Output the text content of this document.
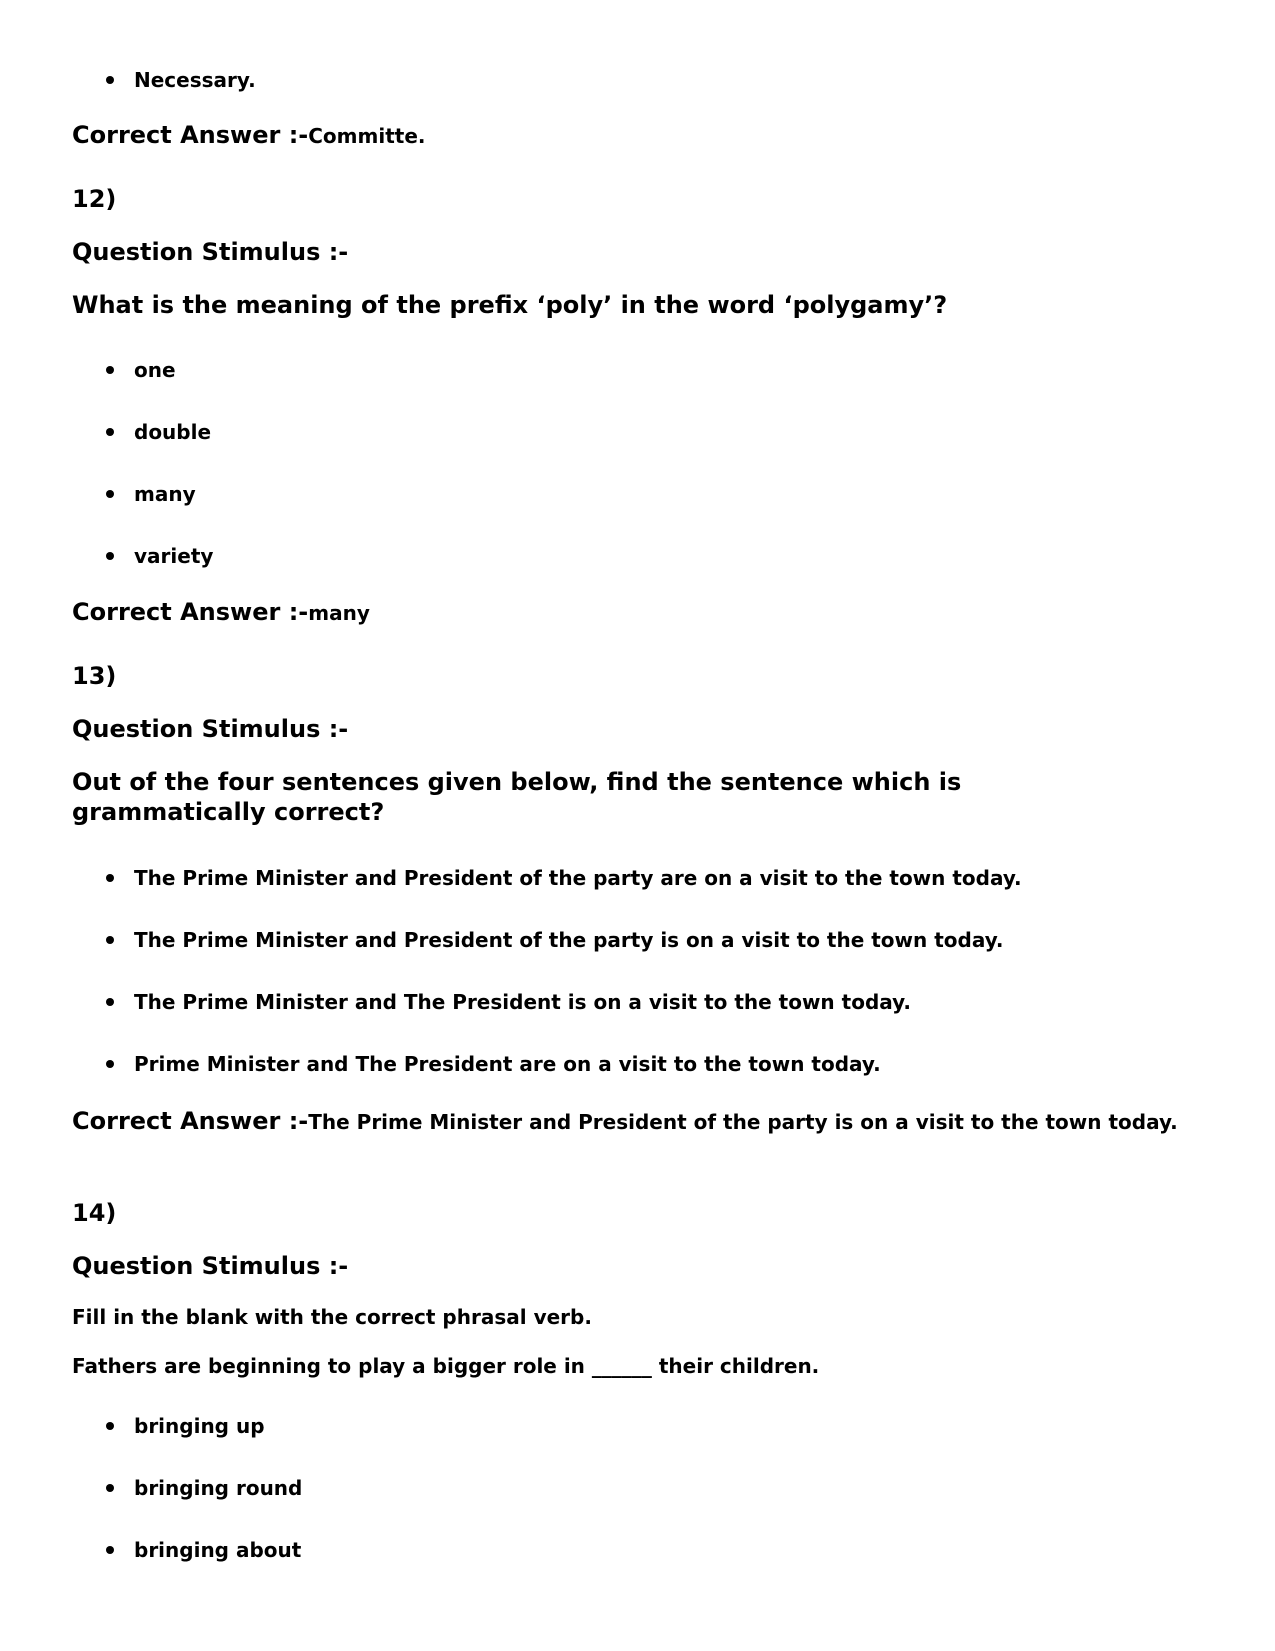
Necessary.
Correct Answer :-Committe.
12)
Question Stimulus :-
What is the meaning of the prefix ‘poly’ in the word ‘polygamy’?
one
double
many
variety
Correct Answer :-many
13)
Question Stimulus :-
Out of the four sentences given below, find the sentence which is grammatically correct?
The Prime Minister and President of the party are on a visit to the town today.
The Prime Minister and President of the party is on a visit to the town today.
The Prime Minister and The President is on a visit to the town today.
Prime Minister and The President are on a visit to the town today.
Correct Answer :-The Prime Minister and President of the party is on a visit to the town today.
14)
Question Stimulus :-
Fill in the blank with the correct phrasal verb.
Fathers are beginning to play a bigger role in ______ their children.
bringing up
bringing round
bringing about
